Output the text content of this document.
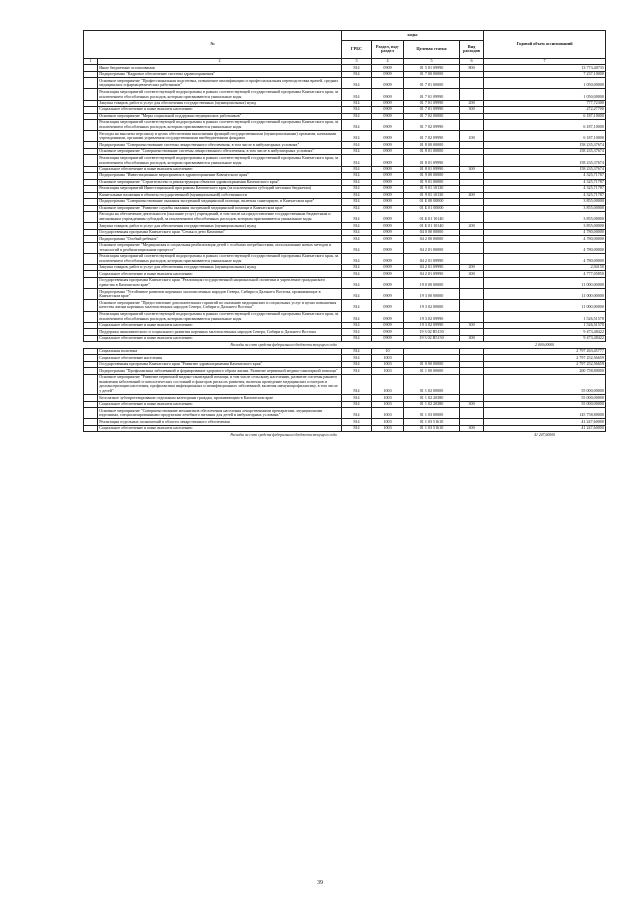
№		коды				Годовой объем ассигнований
		ГРБС	Раздел, под-раздел	Целевая статья	Вид расходов	
1	2	3	4	5	6	7
	Иные бюджетные ассигнования	814	0909	01 5 01 09990	800	13 773,40735
	Подпрограмма "Кадровое обеспечение системы здравоохранения"	814	0909	01 7 00 00000		7 237,10000
	Основное мероприятие "Профессиональная подготовка, повышение квалификации и профессиональная переподготовка врачей, средних медицинских и фармацевтических работников"	814	0909	01 7 01 00000		1 050,00000
	Реализация мероприятий соответствующей подпрограммы в рамках соответствующей государственной программы Камчатского края, за исключением обособленных расходов, которым присваиваются уникальные коды	814	0909	01 7 01 09990		1 050,00000
	Закупка товаров, работ и услуг для обеспечения государственных (муниципальных) нужд	814	0909	01 7 01 09990	200	777,72300
	Социальное обеспечение и иные выплаты населению	814	0909	01 7 01 09990	300	272,27700
	Основное мероприятие "Меры социальной поддержки медицинских работников"	814	0909	01 7 02 00000		6 187,10000
	Реализация мероприятий соответствующей подпрограммы в рамках соответствующей государственной программы Камчатского края, за исключением обособленных расходов, которым присваиваются уникальные коды	814	0909	01 7 02 09990		6 187,10000
	Расходы на выплаты персоналу в целях обеспечения выполнения функций государственными (муниципальными) органами, казенными учреждениями, органами управления государственными внебюджетными фондами	814	0909	01 7 02 09990	100	6 187,10000
	Подпрограмма "Совершенствование системы лекарственного обеспечения, в том числе в амбулаторных условиях"	814	0909	01 8 00 00000		158 235,37674
	Основное мероприятие "Совершенствование системы лекарственного обеспечения, в том числе в амбулаторных условиях"	814	0909	01 8 01 00000		158 235,37674
	Реализация мероприятий соответствующей подпрограммы в рамках соответствующей государственной программы Камчатского края, за исключением обособленных расходов, которым присваиваются уникальные коды	814	0909	01 8 01 09990		158 235,37674
	Социальное обеспечение и иные выплаты населению	814	0909	01 8 01 09990	300	158 235,37674
	Подпрограмма "Инвестиционные мероприятия в здравоохранении Камчатского края"	814	0909	01 9 00 00000		4 325,71787
	Основное мероприятие "Строительство и реконструкция объектов здравоохранения Камчатского края"	814	0909	01 9 01 00000		4 325,71787
	Реализация мероприятий Инвестиционной программы Камчатского края (за исключением субсидий местным бюджетам)	814	0909	01 9 01 10130		4 325,71787
	Капитальные вложения в объекты государственной (муниципальной) собственности	814	0909	01 9 01 10130	400	4 325,71787
	Подпрограмма "Совершенствование оказания экстренной медицинской помощи, включая санитарную, в Камчатском крае"	814	0909	01 Б 00 00000		3 855,00000
	Основное мероприятие "Развитие службы оказания экстренной медицинской помощи в Камчатском крае"	814	0909	01 Б 01 00000		3 855,00000
	Расходы на обеспечение деятельности (оказание услуг) учреждений, в том числе на предоставление государственным бюджетным и автономным учреждениям субсидий, за исключением обособленных расходов, которым присваиваются уникальные коды	814	0909	01 Б 01 10140		3 855,00000
	Закупка товаров, работ и услуг для обеспечения государственных (муниципальных) нужд	814	0909	01 Б 01 10140	200	3 855,00000
	Государственная программа Камчатского края "Семья и дети Камчатки"	814	0909	04 0 00 00000		4 780,00000
	Подпрограмма "Особый ребенок"	814	0909	04 2 00 00000		4 780,00000
	Основное мероприятие "Медицинская и социальная реабилитация детей с особыми потребностями, использование новых методов и технологий в реабилитационном процессе"	814	0909	04 2 01 00000		4 780,00000
	Реализация мероприятий соответствующей подпрограммы в рамках соответствующей государственной программы Камчатского края, за исключением обособленных расходов, которым присваиваются уникальные коды	814	0909	04 2 01 09990		4 780,00000
	Закупка товаров, работ и услуг для обеспечения государственных (муниципальных) нужд	814	0909	04 2 01 09990	200	2,94150
	Социальное обеспечение и иные выплаты населению	814	0909	04 2 01 09990	300	4 777,05850
	Государственная программа Камчатского края "Реализация государственной национальной политики и укрепление гражданского единства в Камчатском крае"	814	0909	19 0 00 00000		11 000,00000
	Подпрограмма "Устойчивое развитие коренных малочисленных народов Севера, Сибири и Дальнего Востока, проживающих в Камчатском крае"	814	0909	19 3 00 00000		11 000,00000
	Основное мероприятие "Предоставление дополнительных гарантий по оказанию медицинских и социальных услуг в целях повышения качества жизни коренных малочисленных народов Севера, Сибири и Дальнего Востока"	814	0909	19 3 02 00000		11 000,00000
	Реализация мероприятий соответствующей подпрограммы в рамках соответствующей государственной программы Камчатского края, за исключением обособленных расходов, которым присваиваются уникальные коды	814	0909	19 3 02 09990		1 526,51578
	Социальное обеспечение и иные выплаты населению	814	0909	19 3 02 09990	300	1 526,51578
	Поддержка экономического и социального развития коренных малочисленных народов Севера, Сибири и Дальнего Востока	814	0909	19 3 02 R5150		9 473,48422
	Социальное обеспечение и иные выплаты населению	814	0909	19 3 02 R5150	300	9 473,48422
Расходы за счет средств федерального бюджета текущего года						2 000,00000
	Социальная политика	814	10			2 797 263,45777
	Социальное обеспечение населения	814	1003			2 797 252,56659
	Государственная программа Камчатского края "Развитие здравоохранения Камчатского края"	814	1003	01 0 00 00000		2 797 252,56659
	Подпрограмма "Профилактика заболеваний и формирование здорового образа жизни. Развитие первичной медико-санитарной помощи"	814	1003	01 1 00 00000		200 758,80000
	Основное мероприятие "Развитие первичной медико-санитарной помощи, в том числе сельскому населению, развитие системы раннего выявления заболеваний и патологических состояний и факторов риска их развития, включая проведение медицинских осмотров и диспансеризации населения, профилактика инфекционных и неинфекционных заболеваний, включая иммунопрофилактику, в том числе у детей"	814	1003	01 1 02 00000		55 000,00000
	Бесплатное зубопротезирование отдельным категориям граждан, проживающим в Камчатском крае	814	1003	01 1 02 20380		55 000,00000
	Социальное обеспечение и иные выплаты населению	814	1003	01 1 02 20380	300	55 000,00000
	Основное мероприятие "Совершенствование механизмов обеспечения населения лекарственными препаратами, медицинскими изделиями, специализированными продуктами лечебного питания для детей в амбулаторных условиях"	814	1003	01 1 03 00000		145 758,80000
	Реализация отдельных полномочий в области лекарственного обеспечения	814	1003	01 1 03 51610		41 247,60000
	Социальное обеспечение и иные выплаты населению	814	1003	01 1 03 51610	300	41 247,60000
Расходы за счет средств федерального бюджета текущего года						41 247,60000
39
